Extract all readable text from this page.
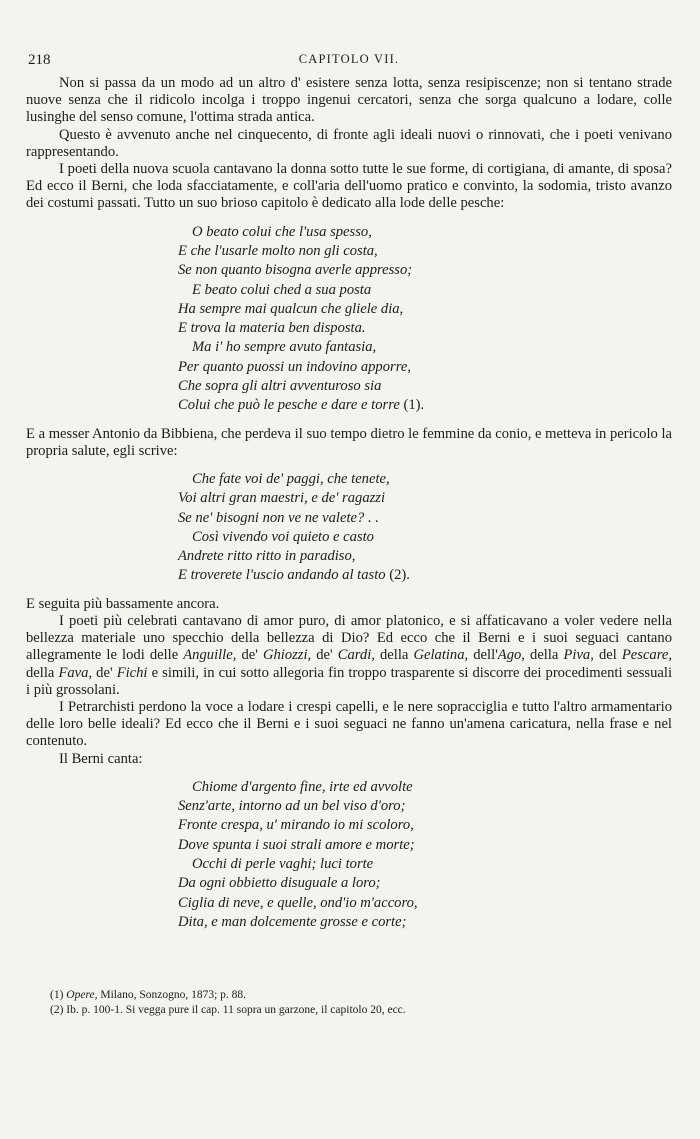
218	CAPITOLO VII.

Non si passa da un modo ad un altro d' esistere senza lotta, senza resipiscenze; non si tentano strade nuove senza che il ridicolo incolga i troppo ingenui cercatori, senza che sorga qualcuno a lodare, colle lusinghe del senso comune, l'ottima strada antica.

Questo è avvenuto anche nel cinquecento, di fronte agli ideali nuovi o rinnovati, che i poeti venivano rappresentando.

I poeti della nuova scuola cantavano la donna sotto tutte le sue forme, di cortigiana, di amante, di sposa? Ed ecco il Berni, che loda sfacciatamente, e coll'aria dell'uomo pratico e convinto, la sodomia, tristo avanzo dei costumi passati. Tutto un suo brioso capitolo è dedicato alla lode delle pesche:

O beato colui che l'usa spesso,
E che l'usarle molto non gli costa,
Se non quanto bisogna averle appresso;
E beato colui ched a sua posta
Ha sempre mai qualcun che gliele dia,
E trova la materia ben disposta.
Ma i' ho sempre avuto fantasia,
Per quanto puossi un indovino apporre,
Che sopra gli altri avventuroso sia
Colui che può le pesche e dare e torre (1).

E a messer Antonio da Bibbiena, che perdeva il suo tempo dietro le femmine da conio, e metteva in pericolo la propria salute, egli scrive:

Che fate voi de' paggi, che tenete,
Voi altri gran maestri, e de' ragazzi
Se ne' bisogni non ve ne valete? . .
Così vivendo voi quieto e casto
Andrete ritto ritto in paradiso,
E troverete l'uscio andando al tasto (2).

E seguita più bassamente ancora.

I poeti più celebrati cantavano di amor puro, di amor platonico, e si affaticavano a voler vedere nella bellezza materiale uno specchio della bellezza di Dio? Ed ecco che il Berni e i suoi seguaci cantano allegramente le lodi delle Anguille, de' Ghiozzi, de' Cardi, della Gelatina, dell'Ago, della Piva, del Pescare, della Fava, de' Fichi e simili, in cui sotto allegoria fin troppo trasparente si discorre dei procedimenti sessuali i più grossolani.

I Petrarchisti perdono la voce a lodare i crespi capelli, e le nere sopracciglia e tutto l'altro armamentario delle loro belle ideali? Ed ecco che il Berni e i suoi seguaci ne fanno un'amena caricatura, nella frase e nel contenuto.

Il Berni canta:

Chiome d'argento fine, irte ed avvolte
Senz'arte, intorno ad un bel viso d'oro;
Fronte crespa, u' mirando io mi scoloro,
Dove spunta i suoi strali amore e morte;
Occhi di perle vaghi; luci torte
Da ogni obbietto disuguale a loro;
Ciglia di neve, e quelle, ond'io m'accoro,
Dita, e man dolcemente grosse e corte;
(1) Opere, Milano, Sonzogno, 1873; p. 88.
(2) Ib. p. 100-1. Si vegga pure il cap. 11 sopra un garzone, il capitolo 20, ecc.
